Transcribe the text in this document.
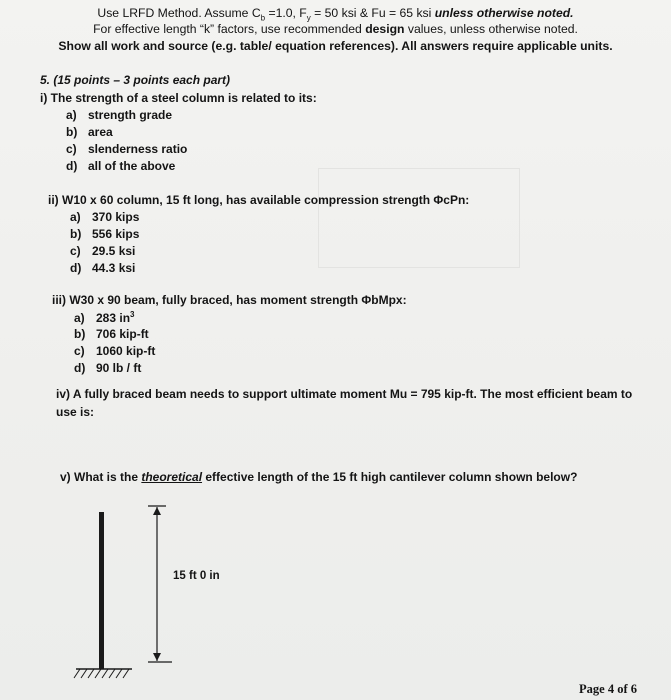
Use LRFD Method. Assume $C_b =1.0$, $F_y = 50$ ksi & Fu = 65 ksi unless otherwise noted.
For effective length “k” factors, use recommended design values, unless otherwise noted.
Show all work and source (e.g. table/ equation references). All answers require applicable units.
5. (15 points – 3 points each part)
i) The strength of a steel column is related to its:
a) strength grade
b) area
c) slenderness ratio
d) all of the above
ii) W10 x 60 column, 15 ft long, has available compression strength ΦcPn:
a) 370 kips
b) 556 kips
c) 29.5 ksi
d) 44.3 ksi
iii) W30 x 90 beam, fully braced, has moment strength ΦbMpx:
a) 283 $in^3$
b) 706 kip-ft
c) 1060 kip-ft
d) 90 lb / ft
iv) A fully braced beam needs to support ultimate moment Mu = 795 kip-ft. The most efficient beam to
use is:
v) What is the theoretical effective length of the 15 ft high cantilever column shown below?
15 ft 0 in
Page 4 of 6
